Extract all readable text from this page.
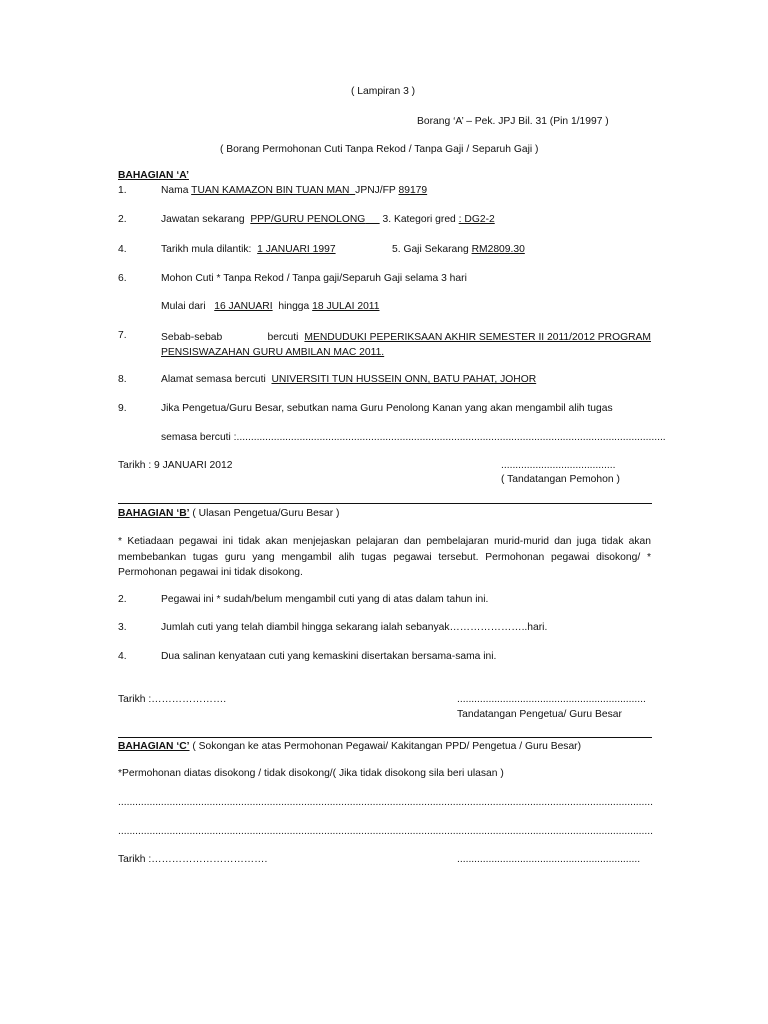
( Lampiran 3 )
Borang ‘A’ – Pek. JPJ Bil. 31 (Pin 1/1997 )
( Borang Permohonan Cuti Tanpa Rekod / Tanpa Gaji / Separuh Gaji )
BAHAGIAN ‘A’
1.	Nama TUAN KAMAZON BIN TUAN MAN JPNJ/FP 89179
2.	Jawatan sekarang PPP/GURU PENOLONG 3. Kategori gred : DG2-2
4.	Tarikh mula dilantik: 1 JANUARI 1997	5. Gaji Sekarang RM2809.30
6.	Mohon Cuti * Tanpa Rekod / Tanpa gaji/Separuh Gaji selama 3 hari
Mulai dari 16 JANUARI hingga 18 JULAI 2011
7.	Sebab-sebab	bercuti MENDUDUKI PEPERIKSAAN AKHIR SEMESTER II 2011/2012 PROGRAM
PENSISWAZAHAN GURU AMBILAN MAC 2011.
8.	Alamat semasa bercuti UNIVERSITI TUN HUSSEIN ONN, BATU PAHAT, JOHOR
9.	Jika Pengetua/Guru Besar, sebutkan nama Guru Penolong Kanan yang akan mengambil alih tugas
semasa bercuti :......................................................................................................................................................
Tarikh : 9 JANUARI 2012	........................................
( Tandatangan Pemohon )
BAHAGIAN ‘B’ ( Ulasan Pengetua/Guru Besar )
* Ketiadaan pegawai ini tidak akan menjejaskan pelajaran dan pembelajaran murid-murid dan juga tidak akan membebankan tugas guru yang mengambil alih tugas pegawai tersebut. Permohonan pegawai disokong/ * Permohonan pegawai ini tidak disokong.
2.	Pegawai ini * sudah/belum mengambil cuti yang di atas dalam tahun ini.
3.	Jumlah cuti yang telah diambil hingga sekarang ialah sebanyak…………………..hari.
4.	Dua salinan kenyataan cuti yang kemaskini disertakan bersama-sama ini.
Tarikh :………………….	..................................................................
Tandatangan Pengetua/ Guru Besar
BAHAGIAN ‘C’ ( Sokongan ke atas Permohonan Pegawai/ Kakitangan PPD/ Pengetua / Guru Besar)
*Permohonan diatas disokong / tidak disokong/( Jika tidak disokong sila beri ulasan )
...........................................................................................................................................................................................
...........................................................................................................................................................................................
Tarikh :…………………………….	................................................................
